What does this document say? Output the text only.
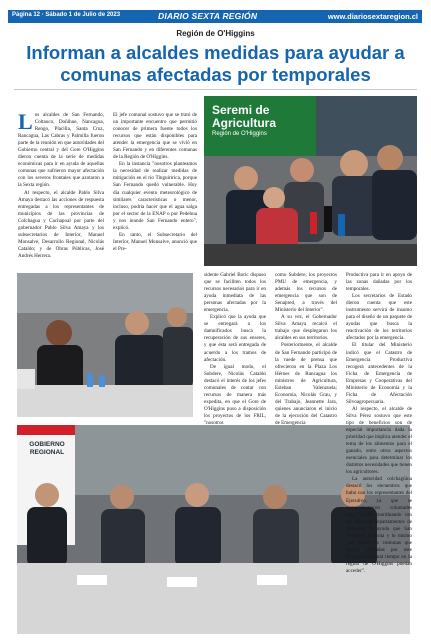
Página 12 · Sábado 1 de Julio de 2023	DIARIO SEXTA REGIÓN	www.diariosextaregion.cl
Región de O'Higgins
Informan a alcaldes medidas para ayudar a comunas afectadas por temporales

Los alcaldes de San Fernando, Coltauco, Doñihue, Nancagua, Rengo, Placilla, Santa Cruz, Rancagua, Las Cabras y Palmilla fueron parte de la reunión en que autoridades del Gobierno central y del Gore O'Higgins dieron cuenta de la serie de medidas económicas para ir en ayuda de aquellas comunas que sufrieron mayor afectación con los severos frontales que azotaron a la Sexta región.

Al respecto, el alcalde Pablo Silva Amaya destacó las acciones de respuesta entregadas a los representantes de municipios de las provincias de Colchagua y Cachapoal por parte del gobernador Pablo Silva Amaya y los subsecretarios de Interior, Manuel Monsalve, Desarrollo Regional, Nicolás Cataldo; y de Obras Públicas, José Andrés Herrera.

El jefe comunal sostuvo que se trató de un importante encuentro que permitió conocer de primera fuente todos los recursos que están disponibles para atender la emergencia que se vivió en San Fernando y en diferentes comunas de la Región de O'Higgins.

En la instancia "nosotros planteamos la necesidad de realizar medidas de mitigación en el río Tinguiririca, porque San Fernando quedó vulnerable. Hoy día cualquier evento meteorológico de similares características o menor, incluso, podría hacer que el agua salga por el sector de la ENAP o por Pedehua y nos inunde San Fernando entero", explicó.

En tanto, el Subsecretario del Interior, Manuel Monsalve, anunció que el Pre-

Seremi de
Agricultura
Región de O'Higgins
GOBIERNO
REGIONAL

sidente Gabriel Boric dispuso que se faciliten todos los recursos necesarios para ir en ayuda inmediata de las personas afectadas por la emergencia.

Explicó que la ayuda que se entregará a los damnificados busca la recuperación de sus enseres, y que ésta será entregada de acuerdo a los tramos de afectación.

De igual modo, el Subdere, Nicolás Cataldo destacó el interés de los jefes comunales de contar con recursos de manera más expedita, en que el Gore de O'Higgins puso a disposición los proyectos de los FRIL, "nosotros

como Subdere, los proyectos PMU de emergencia, y además los recursos de emergencia que son de Senapred, a través del Ministerio del Interior".

A su vez, el Gobernador Silva Amaya recalcó el trabajo que desplegaron los alcaldes en sus territorios.

Posteriormente, el alcalde de San Fernando participó de la ruede de prensa que ofrecieron en la Plaza Los Héroes de Rancagua los ministros de Agricultura, Esteban Valenzuela; Economía, Nicolás Grau, y del Trabajo, Jeannette Jara, quienes anunciaron el inicio de la ejecución del Catastro de Emergencia

Productiva para ir en apoyo de las zonas dañadas por los temporales.

Los secretarios de Estado dieron cuenta que este instrumento servirá de insumo para el diseño de un paquete de ayudas que busca la reactivación de los territorios afectados por la emergencia.

El titular del Ministerio indicó que el Catastro de Emergencia Productiva recogerá antecedentes de la Ficha de Emergencia de Empresas y Cooperativas del Ministerio de Economía y la Ficha de Afectación Silvoagropecuaria.

Al respecto, el alcalde de Silva Pérez sostuvo que este tipo de beneficios son de especial importancia dada la prioridad que implica atender el tema de los alimentos para el ganado, entre otros aspectos esenciales para determinar los distintos necesidades que tienen los agricultores.

La autoridad colchagüina destacó los encuentros que hubo con los representantes del Ejecutivo, ya que se comprometieron voluntades para "seguir coordinando con los distintos departamentos de Gobierno la ayuda que San Fernando necesita y lo mismo para todas las comunas que fueron afectadas por este fenómeno de mal tiempo en la región de O'Higgins puedan acceder".
